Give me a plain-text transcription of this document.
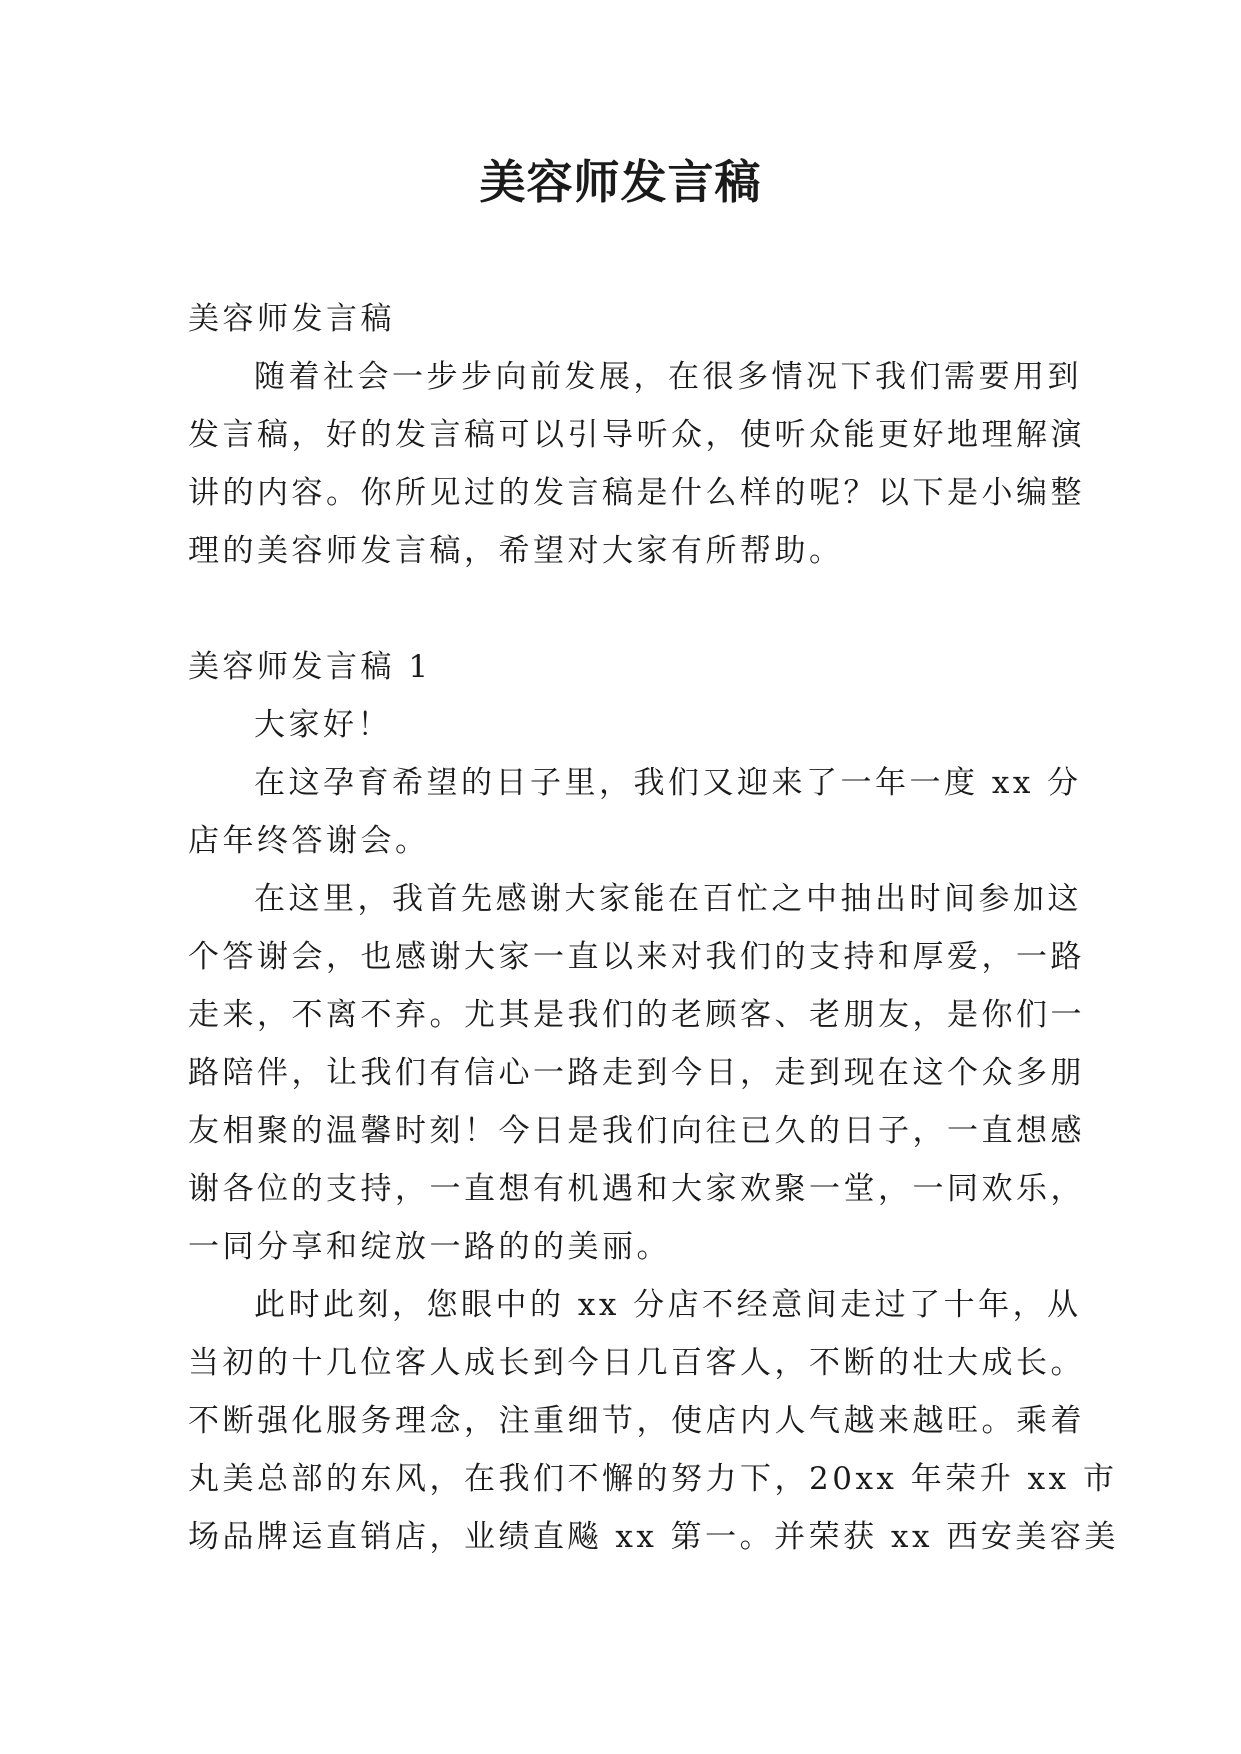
美容师发言稿

美容师发言稿

随着社会一步步向前发展，在很多情况下我们需要用到

发言稿，好的发言稿可以引导听众，使听众能更好地理解演

讲的内容。你所见过的发言稿是什么样的呢？以下是小编整

理的美容师发言稿，希望对大家有所帮助。

美容师发言稿 1

大家好！

在这孕育希望的日子里，我们又迎来了一年一度 xx 分

店年终答谢会。

在这里，我首先感谢大家能在百忙之中抽出时间参加这

个答谢会，也感谢大家一直以来对我们的支持和厚爱，一路

走来，不离不弃。尤其是我们的老顾客、老朋友，是你们一

路陪伴，让我们有信心一路走到今日，走到现在这个众多朋

友相聚的温馨时刻！今日是我们向往已久的日子，一直想感

谢各位的支持，一直想有机遇和大家欢聚一堂，一同欢乐，

一同分享和绽放一路的的美丽。

此时此刻，您眼中的 xx 分店不经意间走过了十年，从

当初的十几位客人成长到今日几百客人，不断的壮大成长。

不断强化服务理念，注重细节，使店内人气越来越旺。乘着

丸美总部的东风，在我们不懈的努力下，20xx 年荣升 xx 市

场品牌运直销店，业绩直飚 xx 第一。并荣获 xx 西安美容美
